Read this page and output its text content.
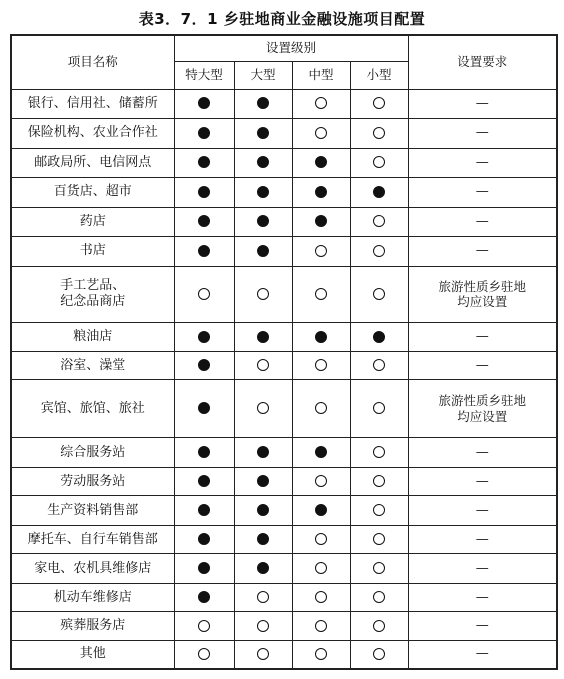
表3．7．1 乡驻地商业金融设施项目配置
项目名称	设置级别				设置要求
	特大型	大型	中型	小型	
银行、信用社、储蓄所					—
保险机构、农业合作社					—
邮政局所、电信网点					—
百货店、超市					—
药店					—
书店					—

手工艺品、
纪念品商店					旅游性质乡驻地
均应设置

粮油店					—
浴室、澡堂					—
宾馆、旅馆、旅社					旅游性质乡驻地
均应设置

综合服务站					—
劳动服务站					—
生产资料销售部					—
摩托车、自行车销售部					—
家电、农机具维修店					—
机动车维修店					—
殡葬服务店					—
其他					—
